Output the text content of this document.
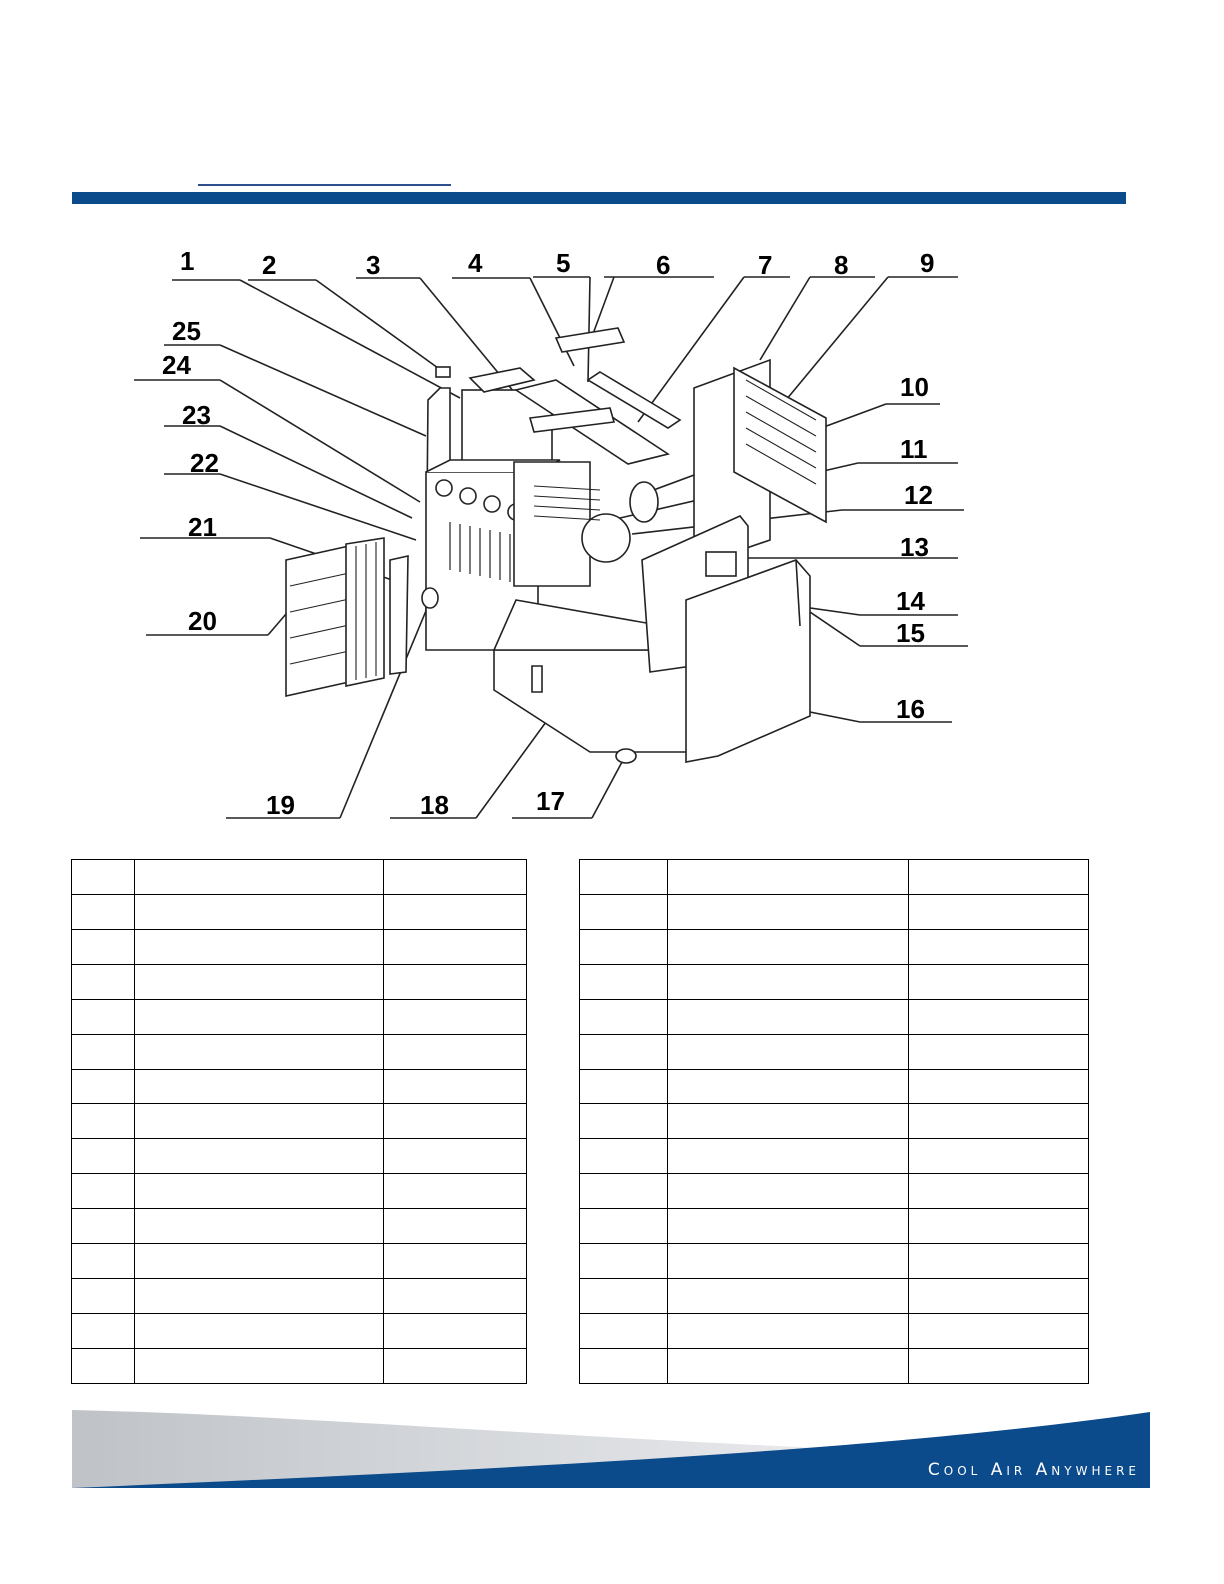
1	2	3	4	5	6	7 8	9
10
11
12
13
14
15
16
17
18
19
20
21
22
23
24
25

Cool Air Anywhere
